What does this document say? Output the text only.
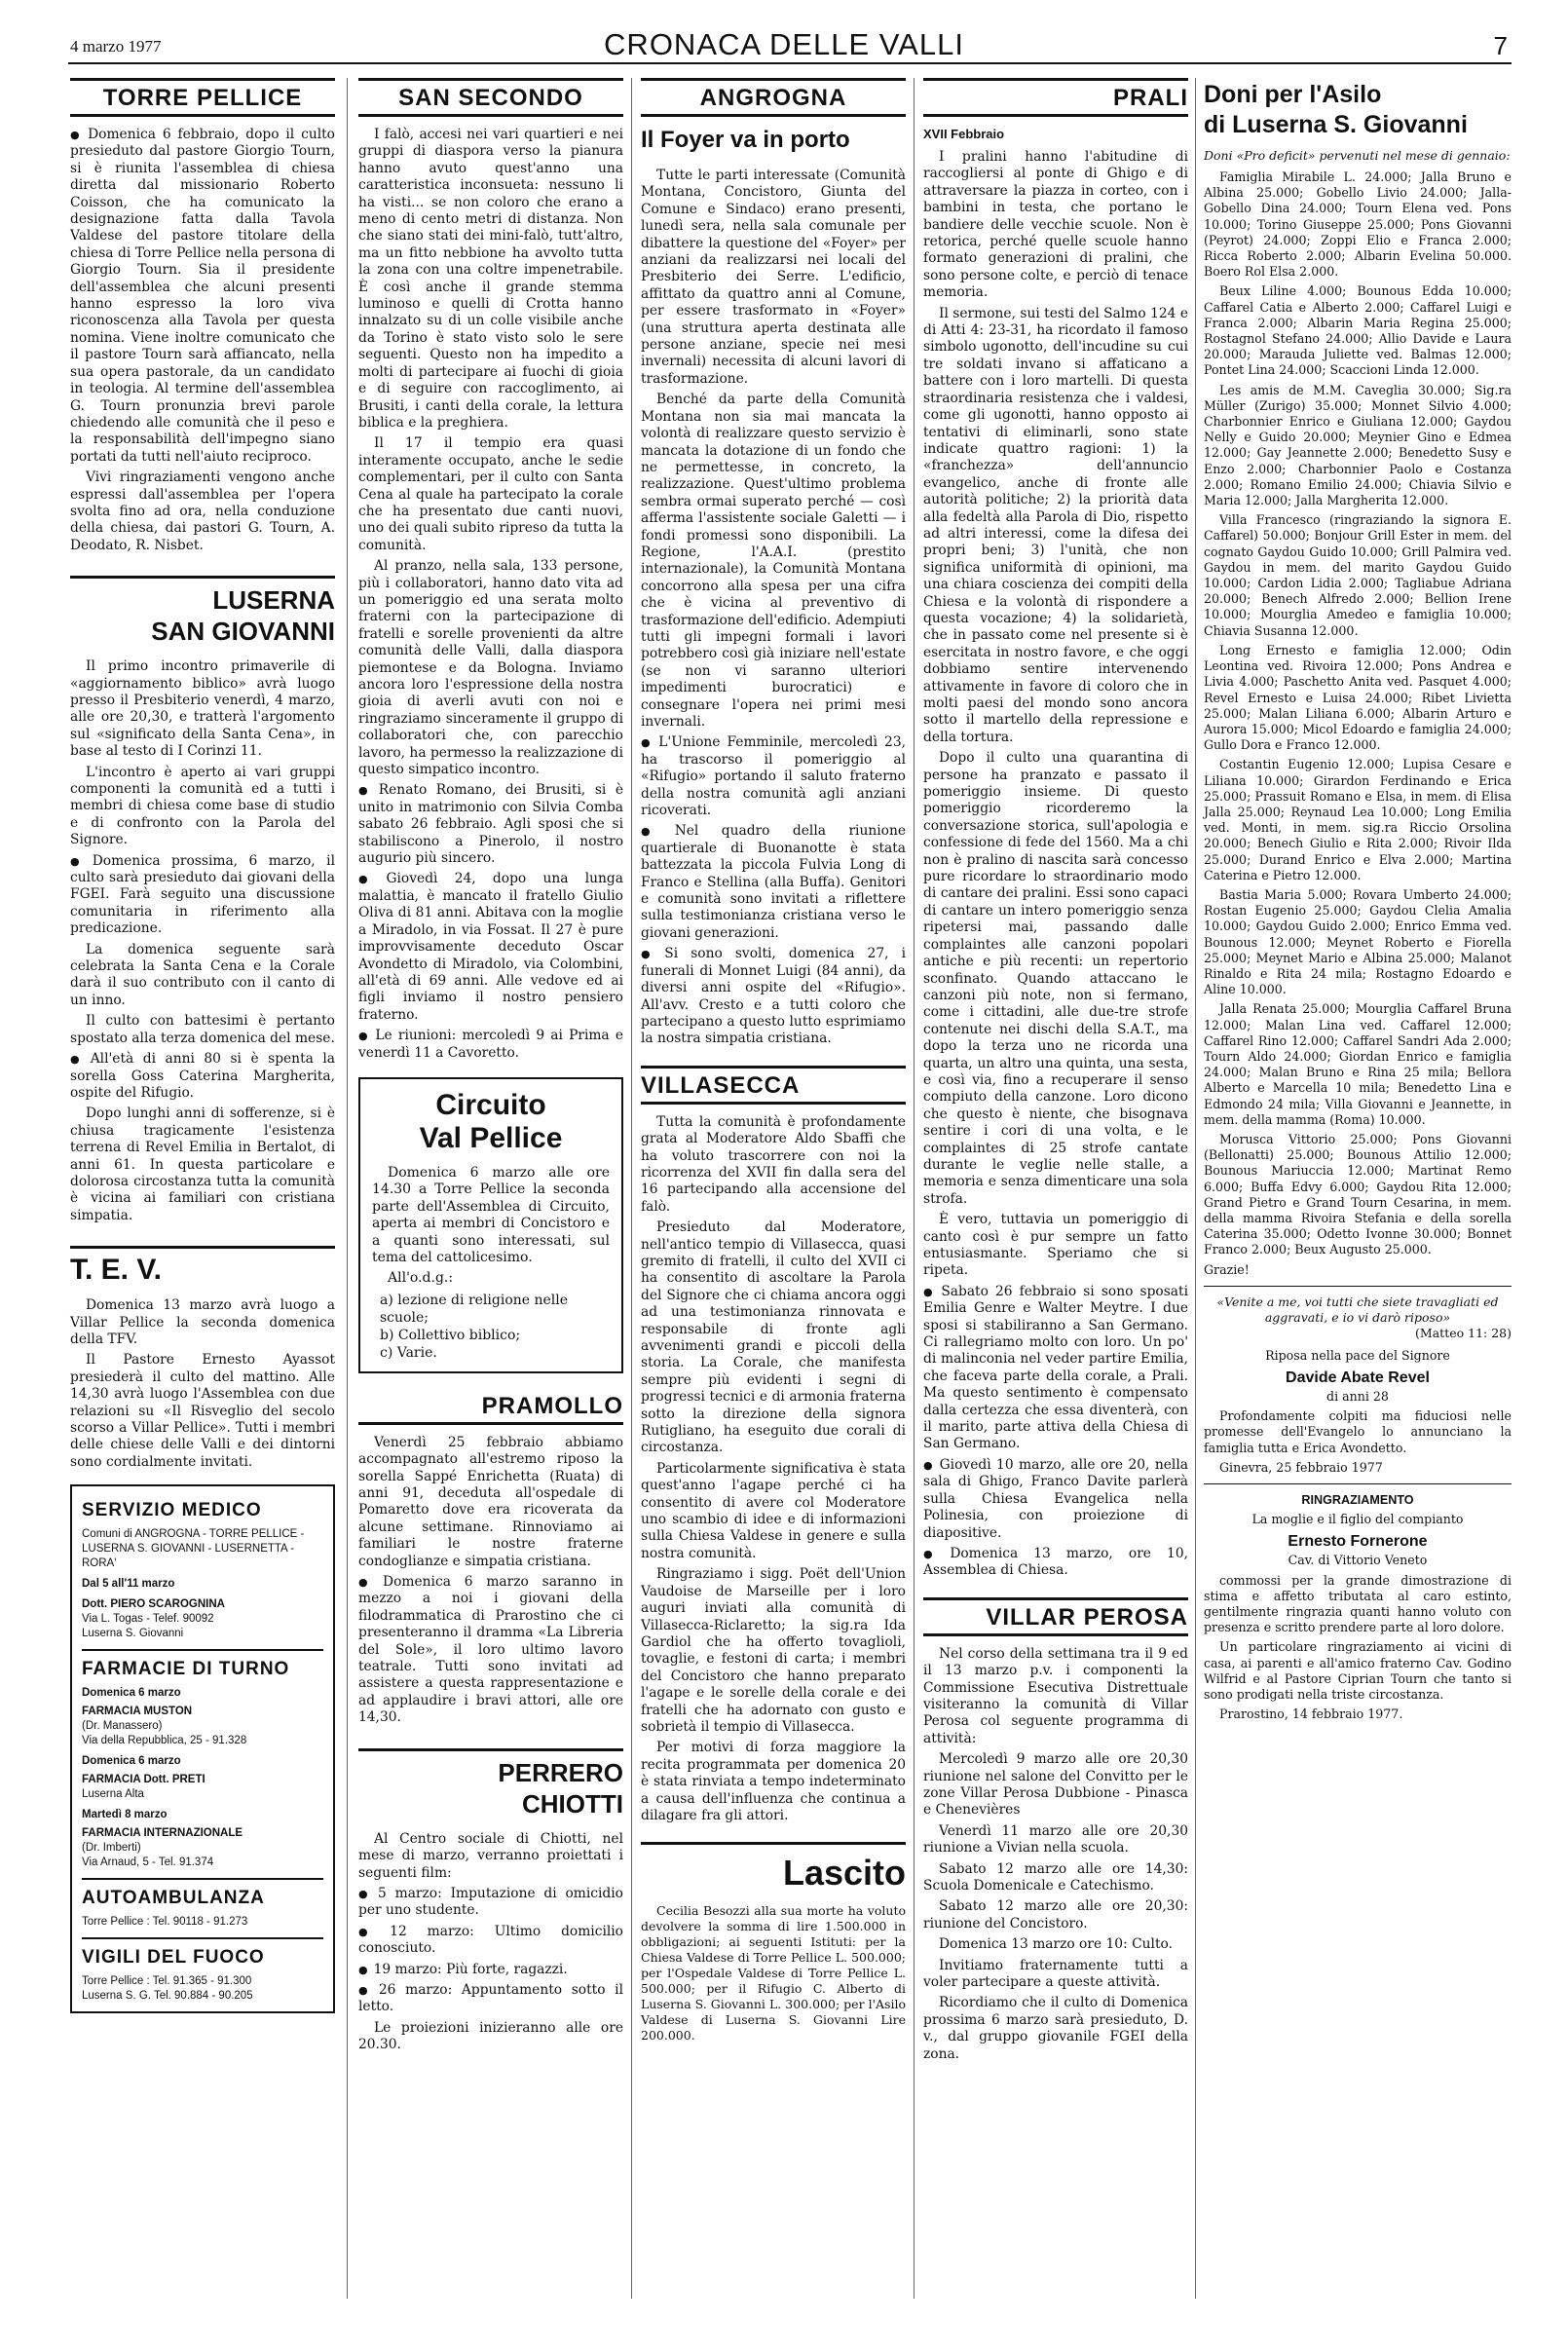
4 marzo 1977	CRONACA DELLE VALLI	7
TORRE PELLICE

● Domenica 6 febbraio, dopo il culto presieduto dal pastore Giorgio Tourn, si è riunita l'assemblea di chiesa diretta dal missionario Roberto Coisson, che ha comunicato la designazione fatta dalla Tavola Valdese del pastore titolare della chiesa di Torre Pellice nella persona di Giorgio Tourn. Sia il presidente dell'assemblea che alcuni presenti hanno espresso la loro viva riconoscenza alla Tavola per questa nomina. Viene inoltre comunicato che il pastore Tourn sarà affiancato, nella sua opera pastorale, da un candidato in teologia. Al termine dell'assemblea G. Tourn pronunzia brevi parole chiedendo alle comunità che il peso e la responsabilità dell'impegno siano portati da tutti nell'aiuto reciproco.

Vivi ringraziamenti vengono anche espressi dall'assemblea per l'opera svolta fino ad ora, nella conduzione della chiesa, dai pastori G. Tourn, A. Deodato, R. Nisbet.

LUSERNA
SAN GIOVANNI

Il primo incontro primaverile di «aggiornamento biblico» avrà luogo presso il Presbiterio venerdì, 4 marzo, alle ore 20,30, e tratterà l'argomento sul «significato della Santa Cena», in base al testo di I Corinzi 11.

L'incontro è aperto ai vari gruppi componenti la comunità ed a tutti i membri di chiesa come base di studio e di confronto con la Parola del Signore.

● Domenica prossima, 6 marzo, il culto sarà presieduto dai giovani della FGEI. Farà seguito una discussione comunitaria in riferimento alla predicazione.

La domenica seguente sarà celebrata la Santa Cena e la Corale darà il suo contributo con il canto di un inno.

Il culto con battesimi è pertanto spostato alla terza domenica del mese.

● All'età di anni 80 si è spenta la sorella Goss Caterina Margherita, ospite del Rifugio.

Dopo lunghi anni di sofferenze, si è chiusa tragicamente l'esistenza terrena di Revel Emilia in Bertalot, di anni 61. In questa particolare e dolorosa circostanza tutta la comunità è vicina ai familiari con cristiana simpatia.

T. E. V.

Domenica 13 marzo avrà luogo a Villar Pellice la seconda domenica della TFV.

Il Pastore Ernesto Ayassot presiederà il culto del mattino. Alle 14,30 avrà luogo l'Assemblea con due relazioni su «Il Risveglio del secolo scorso a Villar Pellice». Tutti i membri delle chiese delle Valli e dei dintorni sono cordialmente invitati.

SERVIZIO MEDICO
Comuni di ANGROGNA - TORRE PELLICE - LUSERNA S. GIOVANNI - LUSERNETTA - RORA'
Dal 5 all'11 marzo
Dott. PIERO SCAROGNINA
Via L. Togas - Telef. 90092
Luserna S. Giovanni
FARMACIE DI TURNO
Domenica 6 marzo
FARMACIA MUSTON
(Dr. Manassero)
Via della Repubblica, 25 - 91.328
Domenica 6 marzo
FARMACIA Dott. PRETI
Luserna Alta
Martedì 8 marzo
FARMACIA INTERNAZIONALE
(Dr. Imberti)
Via Arnaud, 5 - Tel. 91.374
AUTOAMBULANZA
Torre Pellice : Tel. 90118 - 91.273
VIGILI DEL FUOCO
Torre Pellice : Tel. 91.365 - 91.300
Luserna S. G. Tel. 90.884 - 90.205
SAN SECONDO

I falò, accesi nei vari quartieri e nei gruppi di diaspora verso la pianura hanno avuto quest'anno una caratteristica inconsueta: nessuno li ha visti... se non coloro che erano a meno di cento metri di distanza. Non che siano stati dei mini-falò, tutt'altro, ma un fitto nebbione ha avvolto tutta la zona con una coltre impenetrabile. È così anche il grande stemma luminoso e quelli di Crotta hanno innalzato su di un colle visibile anche da Torino è stato visto solo le sere seguenti. Questo non ha impedito a molti di partecipare ai fuochi di gioia e di seguire con raccoglimento, ai Brusiti, i canti della corale, la lettura biblica e la preghiera.

Il 17 il tempio era quasi interamente occupato, anche le sedie complementari, per il culto con Santa Cena al quale ha partecipato la corale che ha presentato due canti nuovi, uno dei quali subito ripreso da tutta la comunità.

Al pranzo, nella sala, 133 persone, più i collaboratori, hanno dato vita ad un pomeriggio ed una serata molto fraterni con la partecipazione di fratelli e sorelle provenienti da altre comunità delle Valli, dalla diaspora piemontese e da Bologna. Inviamo ancora loro l'espressione della nostra gioia di averli avuti con noi e ringraziamo sinceramente il gruppo di collaboratori che, con parecchio lavoro, ha permesso la realizzazione di questo simpatico incontro.

● Renato Romano, dei Brusiti, si è unito in matrimonio con Silvia Comba sabato 26 febbraio. Agli sposi che si stabiliscono a Pinerolo, il nostro augurio più sincero.

● Giovedì 24, dopo una lunga malattia, è mancato il fratello Giulio Oliva di 81 anni. Abitava con la moglie a Miradolo, in via Fossat. Il 27 è pure improvvisamente deceduto Oscar Avondetto di Miradolo, via Colombini, all'età di 69 anni. Alle vedove ed ai figli inviamo il nostro pensiero fraterno.

● Le riunioni: mercoledì 9 ai Prima e venerdì 11 a Cavoretto.

Circuito
Val Pellice

Domenica 6 marzo alle ore 14.30 a Torre Pellice la seconda parte dell'Assemblea di Circuito, aperta ai membri di Concistoro e a quanti sono interessati, sul tema del cattolicesimo.

All'o.d.g.:

a) lezione di religione nelle scuole;
b) Collettivo biblico;
c) Varie.
PRAMOLLO

Venerdì 25 febbraio abbiamo accompagnato all'estremo riposo la sorella Sappé Enrichetta (Ruata) di anni 91, deceduta all'ospedale di Pomaretto dove era ricoverata da alcune settimane. Rinnoviamo ai familiari le nostre fraterne condoglianze e simpatia cristiana.

● Domenica 6 marzo saranno in mezzo a noi i giovani della filodrammatica di Prarostino che ci presenteranno il dramma «La Libreria del Sole», il loro ultimo lavoro teatrale. Tutti sono invitati ad assistere a questa rappresentazione e ad applaudire i bravi attori, alle ore 14,30.

PERRERO
CHIOTTI

Al Centro sociale di Chiotti, nel mese di marzo, verranno proiettati i seguenti film:

● 5 marzo: Imputazione di omicidio per uno studente.

● 12 marzo: Ultimo domicilio conosciuto.

● 19 marzo: Più forte, ragazzi.

● 26 marzo: Appuntamento sotto il letto.

Le proiezioni inizieranno alle ore 20.30.

ANGROGNA
Il Foyer va in porto

Tutte le parti interessate (Comunità Montana, Concistoro, Giunta del Comune e Sindaco) erano presenti, lunedì sera, nella sala comunale per dibattere la questione del «Foyer» per anziani da realizzarsi nei locali del Presbiterio dei Serre. L'edificio, affittato da quattro anni al Comune, per essere trasformato in «Foyer» (una struttura aperta destinata alle persone anziane, specie nei mesi invernali) necessita di alcuni lavori di trasformazione.

Benché da parte della Comunità Montana non sia mai mancata la volontà di realizzare questo servizio è mancata la dotazione di un fondo che ne permettesse, in concreto, la realizzazione. Quest'ultimo problema sembra ormai superato perché — così afferma l'assistente sociale Galetti — i fondi promessi sono disponibili. La Regione, l'A.A.I. (prestito internazionale), la Comunità Montana concorrono alla spesa per una cifra che è vicina al preventivo di trasformazione dell'edificio. Adempiuti tutti gli impegni formali i lavori potrebbero così già iniziare nell'estate (se non vi saranno ulteriori impedimenti burocratici) e consegnare l'opera nei primi mesi invernali.

● L'Unione Femminile, mercoledì 23, ha trascorso il pomeriggio al «Rifugio» portando il saluto fraterno della nostra comunità agli anziani ricoverati.

● Nel quadro della riunione quartierale di Buonanotte è stata battezzata la piccola Fulvia Long di Franco e Stellina (alla Buffa). Genitori e comunità sono invitati a riflettere sulla testimonianza cristiana verso le giovani generazioni.

● Si sono svolti, domenica 27, i funerali di Monnet Luigi (84 anni), da diversi anni ospite del «Rifugio». All'avv. Cresto e a tutti coloro che partecipano a questo lutto esprimiamo la nostra simpatia cristiana.

VILLASECCA

Tutta la comunità è profondamente grata al Moderatore Aldo Sbaffi che ha voluto trascorrere con noi la ricorrenza del XVII fin dalla sera del 16 partecipando alla accensione del falò.

Presieduto dal Moderatore, nell'antico tempio di Villasecca, quasi gremito di fratelli, il culto del XVII ci ha consentito di ascoltare la Parola del Signore che ci chiama ancora oggi ad una testimonianza rinnovata e responsabile di fronte agli avvenimenti grandi e piccoli della storia. La Corale, che manifesta sempre più evidenti i segni di progressi tecnici e di armonia fraterna sotto la direzione della signora Rutigliano, ha eseguito due corali di circostanza.

Particolarmente significativa è stata quest'anno l'agape perché ci ha consentito di avere col Moderatore uno scambio di idee e di informazioni sulla Chiesa Valdese in genere e sulla nostra comunità.

Ringraziamo i sigg. Poët dell'Union Vaudoise de Marseille per i loro auguri inviati alla comunità di Villasecca-Riclaretto; la sig.ra Ida Gardiol che ha offerto tovaglioli, tovaglie, e festoni di carta; i membri del Concistoro che hanno preparato l'agape e le sorelle della corale e dei fratelli che ha adornato con gusto e sobrietà il tempio di Villasecca.

Per motivi di forza maggiore la recita programmata per domenica 20 è stata rinviata a tempo indeterminato a causa dell'influenza che continua a dilagare fra gli attori.

Lascito

Cecilia Besozzi alla sua morte ha voluto devolvere la somma di lire 1.500.000 in obbligazioni; ai seguenti Istituti: per la Chiesa Valdese di Torre Pellice L. 500.000; per l'Ospedale Valdese di Torre Pellice L. 500.000; per il Rifugio C. Alberto di Luserna S. Giovanni L. 300.000; per l'Asilo Valdese di Luserna S. Giovanni Lire 200.000.

PRALI
XVII Febbraio

I pralini hanno l'abitudine di raccogliersi al ponte di Ghigo e di attraversare la piazza in corteo, con i bambini in testa, che portano le bandiere delle vecchie scuole. Non è retorica, perché quelle scuole hanno formato generazioni di pralini, che sono persone colte, e perciò di tenace memoria.

Il sermone, sui testi del Salmo 124 e di Atti 4: 23-31, ha ricordato il famoso simbolo ugonotto, dell'incudine su cui tre soldati invano si affaticano a battere con i loro martelli. Di questa straordinaria resistenza che i valdesi, come gli ugonotti, hanno opposto ai tentativi di eliminarli, sono state indicate quattro ragioni: 1) la «franchezza» dell'annuncio evangelico, anche di fronte alle autorità politiche; 2) la priorità data alla fedeltà alla Parola di Dio, rispetto ad altri interessi, come la difesa dei propri beni; 3) l'unità, che non significa uniformità di opinioni, ma una chiara coscienza dei compiti della Chiesa e la volontà di rispondere a questa vocazione; 4) la solidarietà, che in passato come nel presente si è esercitata in nostro favore, e che oggi dobbiamo sentire intervenendo attivamente in favore di coloro che in molti paesi del mondo sono ancora sotto il martello della repressione e della tortura.

Dopo il culto una quarantina di persone ha pranzato e passato il pomeriggio insieme. Di questo pomeriggio ricorderemo la conversazione storica, sull'apologia e confessione di fede del 1560. Ma a chi non è pralino di nascita sarà concesso pure ricordare lo straordinario modo di cantare dei pralini. Essi sono capaci di cantare un intero pomeriggio senza ripetersi mai, passando dalle complaintes alle canzoni popolari antiche e più recenti: un repertorio sconfinato. Quando attaccano le canzoni più note, non si fermano, come i cittadini, alle due-tre strofe contenute nei dischi della S.A.T., ma dopo la terza uno ne ricorda una quarta, un altro una quinta, una sesta, e così via, fino a recuperare il senso compiuto della canzone. Loro dicono che questo è niente, che bisognava sentire i cori di una volta, e le complaintes di 25 strofe cantate durante le veglie nelle stalle, a memoria e senza dimenticare una sola strofa.

È vero, tuttavia un pomeriggio di canto così è pur sempre un fatto entusiasmante. Speriamo che si ripeta.

● Sabato 26 febbraio si sono sposati Emilia Genre e Walter Meytre. I due sposi si stabiliranno a San Germano. Ci rallegriamo molto con loro. Un po' di malinconia nel veder partire Emilia, che faceva parte della corale, a Prali. Ma questo sentimento è compensato dalla certezza che essa diventerà, con il marito, parte attiva della Chiesa di San Germano.

● Giovedì 10 marzo, alle ore 20, nella sala di Ghigo, Franco Davite parlerà sulla Chiesa Evangelica nella Polinesia, con proiezione di diapositive.

● Domenica 13 marzo, ore 10, Assemblea di Chiesa.

VILLAR PEROSA

Nel corso della settimana tra il 9 ed il 13 marzo p.v. i componenti la Commissione Esecutiva Distrettuale visiteranno la comunità di Villar Perosa col seguente programma di attività:

Mercoledì 9 marzo alle ore 20,30 riunione nel salone del Convitto per le zone Villar Perosa Dubbione - Pinasca e Chenevières

Venerdì 11 marzo alle ore 20,30 riunione a Vivian nella scuola.

Sabato 12 marzo alle ore 14,30: Scuola Domenicale e Catechismo.

Sabato 12 marzo alle ore 20,30: riunione del Concistoro.

Domenica 13 marzo ore 10: Culto.

Invitiamo fraternamente tutti a voler partecipare a queste attività.

Ricordiamo che il culto di Domenica prossima 6 marzo sarà presieduto, D. v., dal gruppo giovanile FGEI della zona.

Doni per l'Asilo
di Luserna S. Giovanni
Doni «Pro deficit» pervenuti nel mese di gennaio:

Famiglia Mirabile L. 24.000; Jalla Bruno e Albina 25.000; Gobello Livio 24.000; Jalla-Gobello Dina 24.000; Tourn Elena ved. Pons 10.000; Torino Giuseppe 25.000; Pons Giovanni (Peyrot) 24.000; Zoppi Elio e Franca 2.000; Ricca Roberto 2.000; Albarin Evelina 50.000. Boero Rol Elsa 2.000.

Beux Liline 4.000; Bounous Edda 10.000; Caffarel Catia e Alberto 2.000; Caffarel Luigi e Franca 2.000; Albarin Maria Regina 25.000; Rostagnol Stefano 24.000; Allio Davide e Laura 20.000; Marauda Juliette ved. Balmas 12.000; Pontet Lina 24.000; Scaccioni Linda 12.000.

Les amis de M.M. Caveglia 30.000; Sig.ra Müller (Zurigo) 35.000; Monnet Silvio 4.000; Charbonnier Enrico e Giuliana 12.000; Gaydou Nelly e Guido 20.000; Meynier Gino e Edmea 12.000; Gay Jeannette 2.000; Benedetto Susy e Enzo 2.000; Charbonnier Paolo e Costanza 2.000; Romano Emilio 24.000; Chiavia Silvio e Maria 12.000; Jalla Margherita 12.000.

Villa Francesco (ringraziando la signora E. Caffarel) 50.000; Bonjour Grill Ester in mem. del cognato Gaydou Guido 10.000; Grill Palmira ved. Gaydou in mem. del marito Gaydou Guido 10.000; Cardon Lidia 2.000; Tagliabue Adriana 20.000; Benech Alfredo 2.000; Bellion Irene 10.000; Mourglia Amedeo e famiglia 10.000; Chiavia Susanna 12.000.

Long Ernesto e famiglia 12.000; Odin Leontina ved. Rivoira 12.000; Pons Andrea e Livia 4.000; Paschetto Anita ved. Pasquet 4.000; Revel Ernesto e Luisa 24.000; Ribet Livietta 25.000; Malan Liliana 6.000; Albarin Arturo e Aurora 15.000; Micol Edoardo e famiglia 24.000; Gullo Dora e Franco 12.000.

Costantin Eugenio 12.000; Lupisa Cesare e Liliana 10.000; Girardon Ferdinando e Erica 25.000; Prassuit Romano e Elsa, in mem. di Elisa Jalla 25.000; Reynaud Lea 10.000; Long Emilia ved. Monti, in mem. sig.ra Riccio Orsolina 20.000; Benech Giulio e Rita 2.000; Rivoir Ilda 25.000; Durand Enrico e Elva 2.000; Martina Caterina e Pietro 12.000.

Bastia Maria 5.000; Rovara Umberto 24.000; Rostan Eugenio 25.000; Gaydou Clelia Amalia 10.000; Gaydou Guido 2.000; Enrico Emma ved. Bounous 12.000; Meynet Roberto e Fiorella 25.000; Meynet Mario e Albina 25.000; Malanot Rinaldo e Rita 24 mila; Rostagno Edoardo e Aline 10.000.

Jalla Renata 25.000; Mourglia Caffarel Bruna 12.000; Malan Lina ved. Caffarel 12.000; Caffarel Rino 12.000; Caffarel Sandri Ada 2.000; Tourn Aldo 24.000; Giordan Enrico e famiglia 24.000; Malan Bruno e Rina 25 mila; Bellora Alberto e Marcella 10 mila; Benedetto Lina e Edmondo 24 mila; Villa Giovanni e Jeannette, in mem. della mamma (Roma) 10.000.

Morusca Vittorio 25.000; Pons Giovanni (Bellonatti) 25.000; Bounous Attilio 12.000; Bounous Mariuccia 12.000; Martinat Remo 6.000; Buffa Edvy 6.000; Gaydou Rita 12.000; Grand Pietro e Grand Tourn Cesarina, in mem. della mamma Rivoira Stefania e della sorella Caterina 35.000; Odetto Ivonne 30.000; Bonnet Franco 2.000; Beux Augusto 25.000.

Grazie!

«Venite a me, voi tutti che siete travagliati ed aggravati, e io vi darò riposo»
(Matteo 11: 28)

Riposa nella pace del Signore

Davide Abate Revel

di anni 28

Profondamente colpiti ma fiduciosi nelle promesse dell'Evangelo lo annunciano la famiglia tutta e Erica Avondetto.

Ginevra, 25 febbraio 1977

RINGRAZIAMENTO

La moglie e il figlio del compianto

Ernesto Fornerone

Cav. di Vittorio Veneto

commossi per la grande dimostrazione di stima e affetto tributata al caro estinto, gentilmente ringrazia quanti hanno voluto con presenza e scritto prendere parte al loro dolore.

Un particolare ringraziamento ai vicini di casa, ai parenti e all'amico fraterno Cav. Godino Wilfrid e al Pastore Ciprian Tourn che tanto si sono prodigati nella triste circostanza.

Prarostino, 14 febbraio 1977.
